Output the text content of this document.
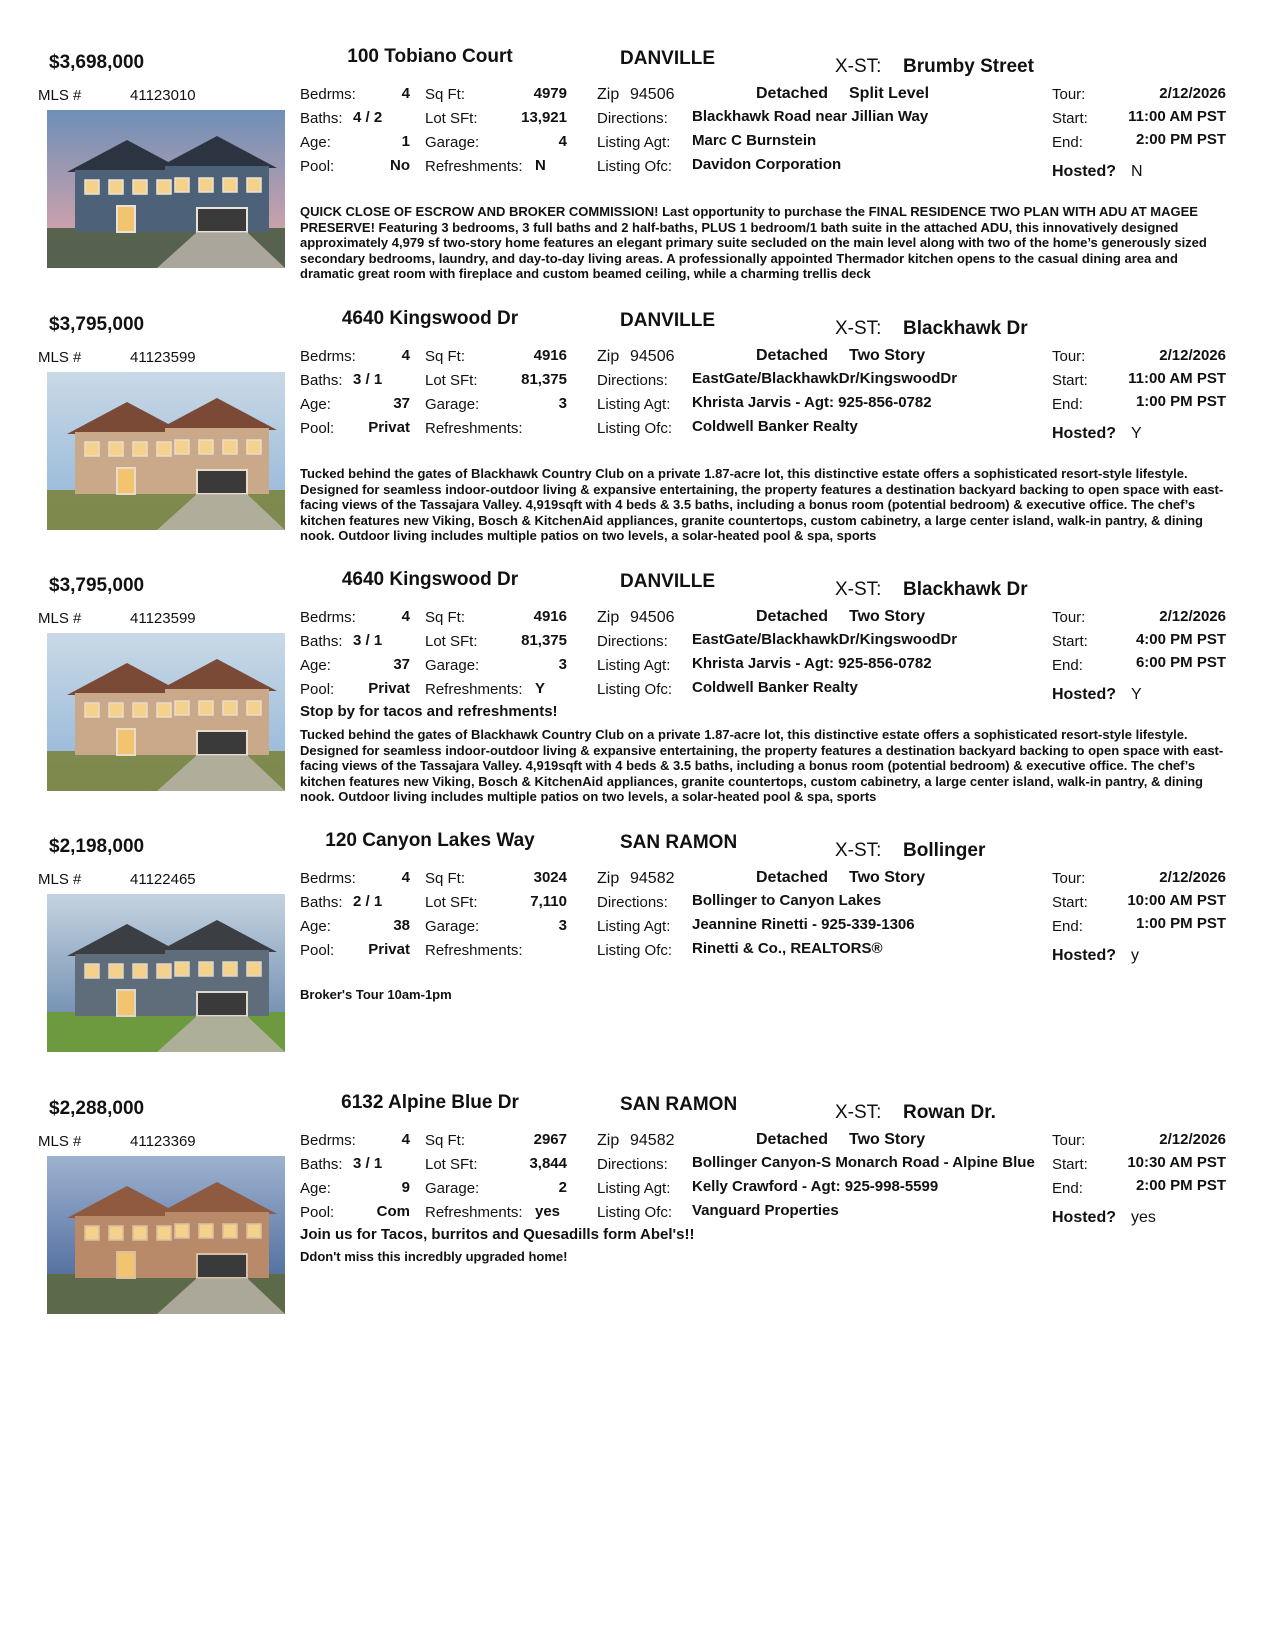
$3,698,000	100 Tobiano Court	DANVILLE	X-ST: Brumby Street
MLS #	41123010	Bedrms:	4
Baths: 4 / 2
Age:	1
Pool:	No
Sq Ft:	4979
Lot SFt:	13,921
Garage:	4
Refreshments: N
Zip 94506	Detached Split Level
Directions: Blackhawk Road near Jillian Way
Listing Agt: Marc C Burnstein
Listing Ofc: Davidon Corporation
Tour:	2/12/2026
Start:	11:00 AM PST
End:	2:00 PM PST
Hosted? N
QUICK CLOSE OF ESCROW AND BROKER COMMISSION! Last opportunity to purchase the FINAL RESIDENCE TWO PLAN WITH ADU AT MAGEE PRESERVE! Featuring 3 bedrooms, 3 full baths and 2 half-baths, PLUS 1 bedroom/1 bath suite in the attached ADU, this innovatively designed approximately 4,979 sf two-story home features an elegant primary suite secluded on the main level along with two of the home’s generously sized secondary bedrooms, laundry, and day-to-day living areas. A professionally appointed Thermador kitchen opens to the casual dining area and dramatic great room with fireplace and custom beamed ceiling, while a charming trellis deck
$3,795,000	4640 Kingswood Dr	DANVILLE	X-ST: Blackhawk Dr
MLS #	41123599	Bedrms:	4
Baths: 3 / 1
Age:	37
Pool:	Privat
Sq Ft:	4916
Lot SFt:	81,375
Garage:	3
Refreshments:
Zip 94506	Detached Two Story
Directions: EastGate/BlackhawkDr/KingswoodDr
Listing Agt: Khrista Jarvis - Agt: 925-856-0782
Listing Ofc: Coldwell Banker Realty
Tour:	2/12/2026
Start:	11:00 AM PST
End:	1:00 PM PST
Hosted? Y
Tucked behind the gates of Blackhawk Country Club on a private 1.87-acre lot, this distinctive estate offers a sophisticated resort-style lifestyle. Designed for seamless indoor-outdoor living & expansive entertaining, the property features a destination backyard backing to open space with east-facing views of the Tassajara Valley. 4,919sqft with 4 beds & 3.5 baths, including a bonus room (potential bedroom) & executive office. The chef’s kitchen features new Viking, Bosch & KitchenAid appliances, granite countertops, custom cabinetry, a large center island, walk-in pantry, & dining nook. Outdoor living includes multiple patios on two levels, a solar-heated pool & spa, sports
$3,795,000	4640 Kingswood Dr	DANVILLE	X-ST: Blackhawk Dr
MLS #	41123599	Bedrms:	4
Baths: 3 / 1
Age:	37
Pool:	Privat
Sq Ft:	4916
Lot SFt:	81,375
Garage:	3
Refreshments: Y
Zip 94506	Detached Two Story
Directions: EastGate/BlackhawkDr/KingswoodDr
Listing Agt: Khrista Jarvis - Agt: 925-856-0782
Listing Ofc: Coldwell Banker Realty
Tour:	2/12/2026
Start:	4:00 PM PST
End:	6:00 PM PST
Hosted? Y
Stop by for tacos and refreshments!
Tucked behind the gates of Blackhawk Country Club on a private 1.87-acre lot, this distinctive estate offers a sophisticated resort-style lifestyle. Designed for seamless indoor-outdoor living & expansive entertaining, the property features a destination backyard backing to open space with east-facing views of the Tassajara Valley. 4,919sqft with 4 beds & 3.5 baths, including a bonus room (potential bedroom) & executive office. The chef’s kitchen features new Viking, Bosch & KitchenAid appliances, granite countertops, custom cabinetry, a large center island, walk-in pantry, & dining nook. Outdoor living includes multiple patios on two levels, a solar-heated pool & spa, sports
$2,198,000	120 Canyon Lakes Way	SAN RAMON	X-ST: Bollinger
MLS #	41122465	Bedrms:	4
Baths: 2 / 1
Age:	38
Pool:	Privat
Sq Ft:	3024
Lot SFt:	7,110
Garage:	3
Refreshments:
Zip 94582	Detached Two Story
Directions: Bollinger to Canyon Lakes
Listing Agt: Jeannine Rinetti - 925-339-1306
Listing Ofc: Rinetti & Co., REALTORS®
Tour:	2/12/2026
Start:	10:00 AM PST
End:	1:00 PM PST
Hosted? y
Broker's Tour 10am-1pm
$2,288,000	6132 Alpine Blue Dr	SAN RAMON	X-ST: Rowan Dr.
MLS #	41123369	Bedrms:	4
Baths: 3 / 1
Age:	9
Pool:	Com
Sq Ft:	2967
Lot SFt:	3,844
Garage:	2
Refreshments: yes
Zip 94582	Detached Two Story
Directions: Bollinger Canyon-S Monarch Road - Alpine Blue
Listing Agt: Kelly Crawford - Agt: 925-998-5599
Listing Ofc: Vanguard Properties
Tour:	2/12/2026
Start:	10:30 AM PST
End:	2:00 PM PST
Hosted? yes
Join us for Tacos, burritos and Quesadills form Abel's!!
Ddon't miss this incredbly upgraded home!
